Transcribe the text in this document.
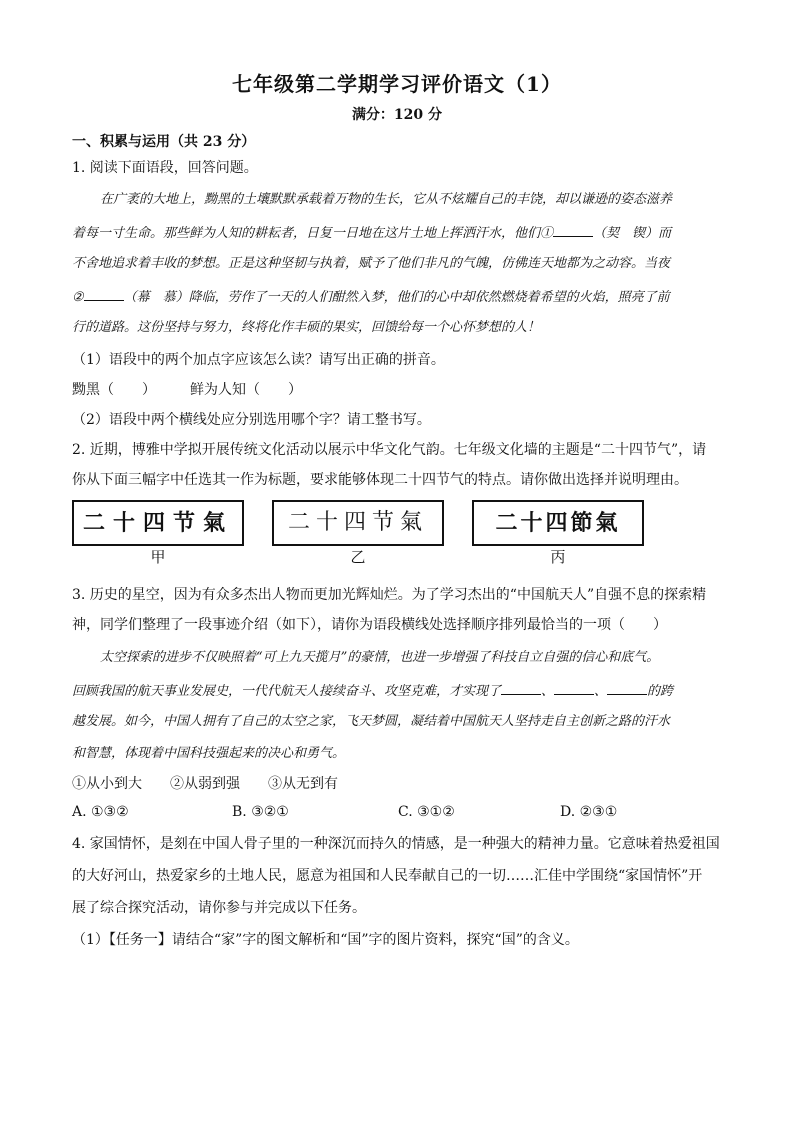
七年级第二学期学习评价语文（1）
满分：120 分
一、积累与运用（共 23 分）
1. 阅读下面语段，回答问题。
在广袤的大地上，黝黑的土壤默默承载着万物的生长，它从不炫耀自己的丰饶，却以谦逊的姿态滋养
着每一寸生命。那些鲜为人知的耕耘者，日复一日地在这片土地上挥洒汗水，他们①	（契　锲）而
不舍地追求着丰收的梦想。正是这种坚韧与执着，赋予了他们非凡的气魄，仿佛连天地都为之动容。当夜
②	（幕　慕）降临，劳作了一天的人们酣然入梦，他们的心中却依然燃烧着希望的火焰，照亮了前
行的道路。这份坚持与努力，终将化作丰硕的果实，回馈给每一个心怀梦想的人！
（1）语段中的两个加点字应该怎么读？请写出正确的拼音。
黝黑（　　）	鲜为人知（　　）
（2）语段中两个横线处应分别选用哪个字？请工整书写。
2. 近期，博雅中学拟开展传统文化活动以展示中华文化气韵。七年级文化墙的主题是“二十四节气”，请
你从下面三幅字中任选其一作为标题，要求能够体现二十四节气的特点。请你做出选择并说明理由。
二十四节氣	二十四节氣	二十四節氣
甲	乙	丙
3. 历史的星空，因为有众多杰出人物而更加光辉灿烂。为了学习杰出的“中国航天人”自强不息的探索精
神，同学们整理了一段事迹介绍（如下），请你为语段横线处选择顺序排列最恰当的一项（　　）
太空探索的进步不仅映照着“可上九天揽月”的豪情，也进一步增强了科技自立自强的信心和底气。
回顾我国的航天事业发展史，一代代航天人接续奋斗、攻坚克难，才实现了	、	、	的跨
越发展。如今，中国人拥有了自己的太空之家，飞天梦圆，凝结着中国航天人坚持走自主创新之路的汗水
和智慧，体现着中国科技强起来的决心和勇气。
①从小到大　　②从弱到强　　③从无到有
A. ①③②	B. ③②①	C. ③①②	D. ②③①
4. 家国情怀，是刻在中国人骨子里的一种深沉而持久的情感，是一种强大的精神力量。它意味着热爱祖国
的大好河山，热爱家乡的土地人民，愿意为祖国和人民奉献自己的一切……汇佳中学围绕“家国情怀”开
展了综合探究活动，请你参与并完成以下任务。
（1）【任务一】请结合“家”字的图文解析和“国”字的图片资料，探究“国”的含义。
